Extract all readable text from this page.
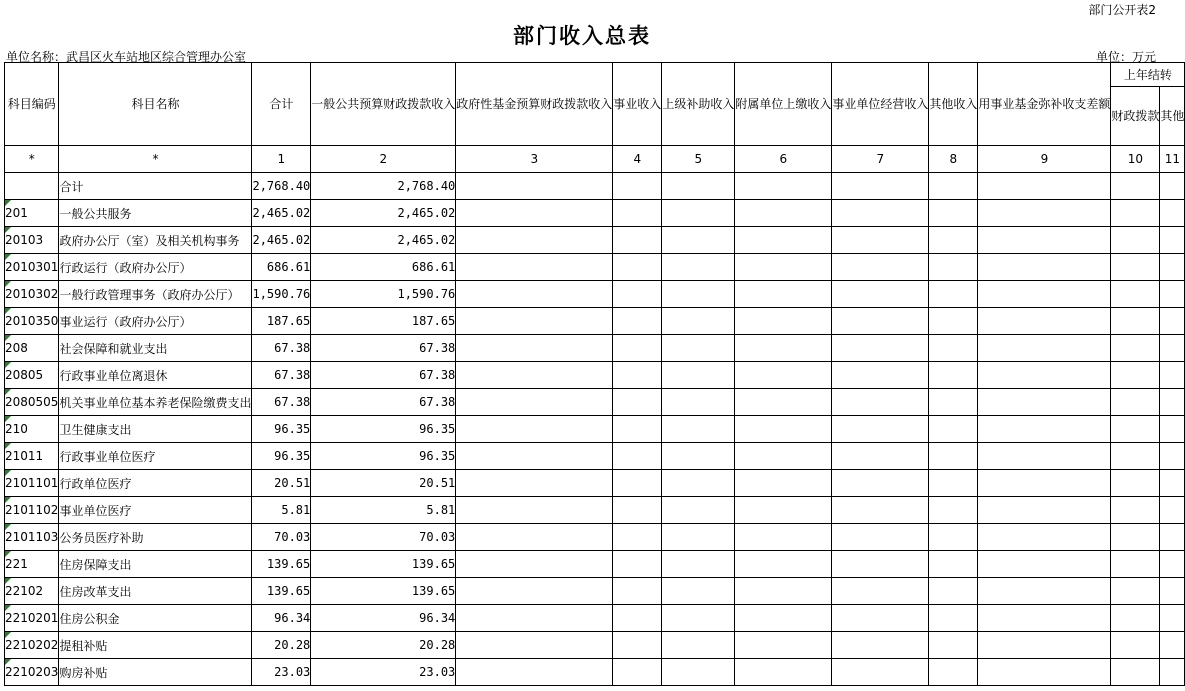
部门公开表2
部门收入总表
单位名称：武昌区火车站地区综合管理办公室	单位：万元
科目编码	科目名称	合计	一般公共预算财政拨款收入	政府性基金预算财政拨款收入	事业收入	上级补助收入	附属单位上缴收入	事业单位经营收入	其他收入	用事业基金弥补收支差额	上年结转	
											财政拨款	其他
*	*	1	2	3	4	5	6	7	8	9	10	11
	合计	2,768.40	2,768.40									

201	一般公共服务	2,465.02	2,465.02									

20103	政府办公厅（室）及相关机构事务	2,465.02	2,465.02									

2010301	行政运行（政府办公厅）	686.61	686.61									

2010302	一般行政管理事务（政府办公厅）	1,590.76	1,590.76									

2010350	事业运行（政府办公厅）	187.65	187.65									

208	社会保障和就业支出	67.38	67.38									

20805	行政事业单位离退休	67.38	67.38									

2080505	机关事业单位基本养老保险缴费支出	67.38	67.38									

210	卫生健康支出	96.35	96.35									

21011	行政事业单位医疗	96.35	96.35									

2101101	行政单位医疗	20.51	20.51									

2101102	事业单位医疗	5.81	5.81									

2101103	公务员医疗补助	70.03	70.03									

221	住房保障支出	139.65	139.65									

22102	住房改革支出	139.65	139.65									

2210201	住房公积金	96.34	96.34									

2210202	提租补贴	20.28	20.28									

2210203	购房补贴	23.03	23.03									
